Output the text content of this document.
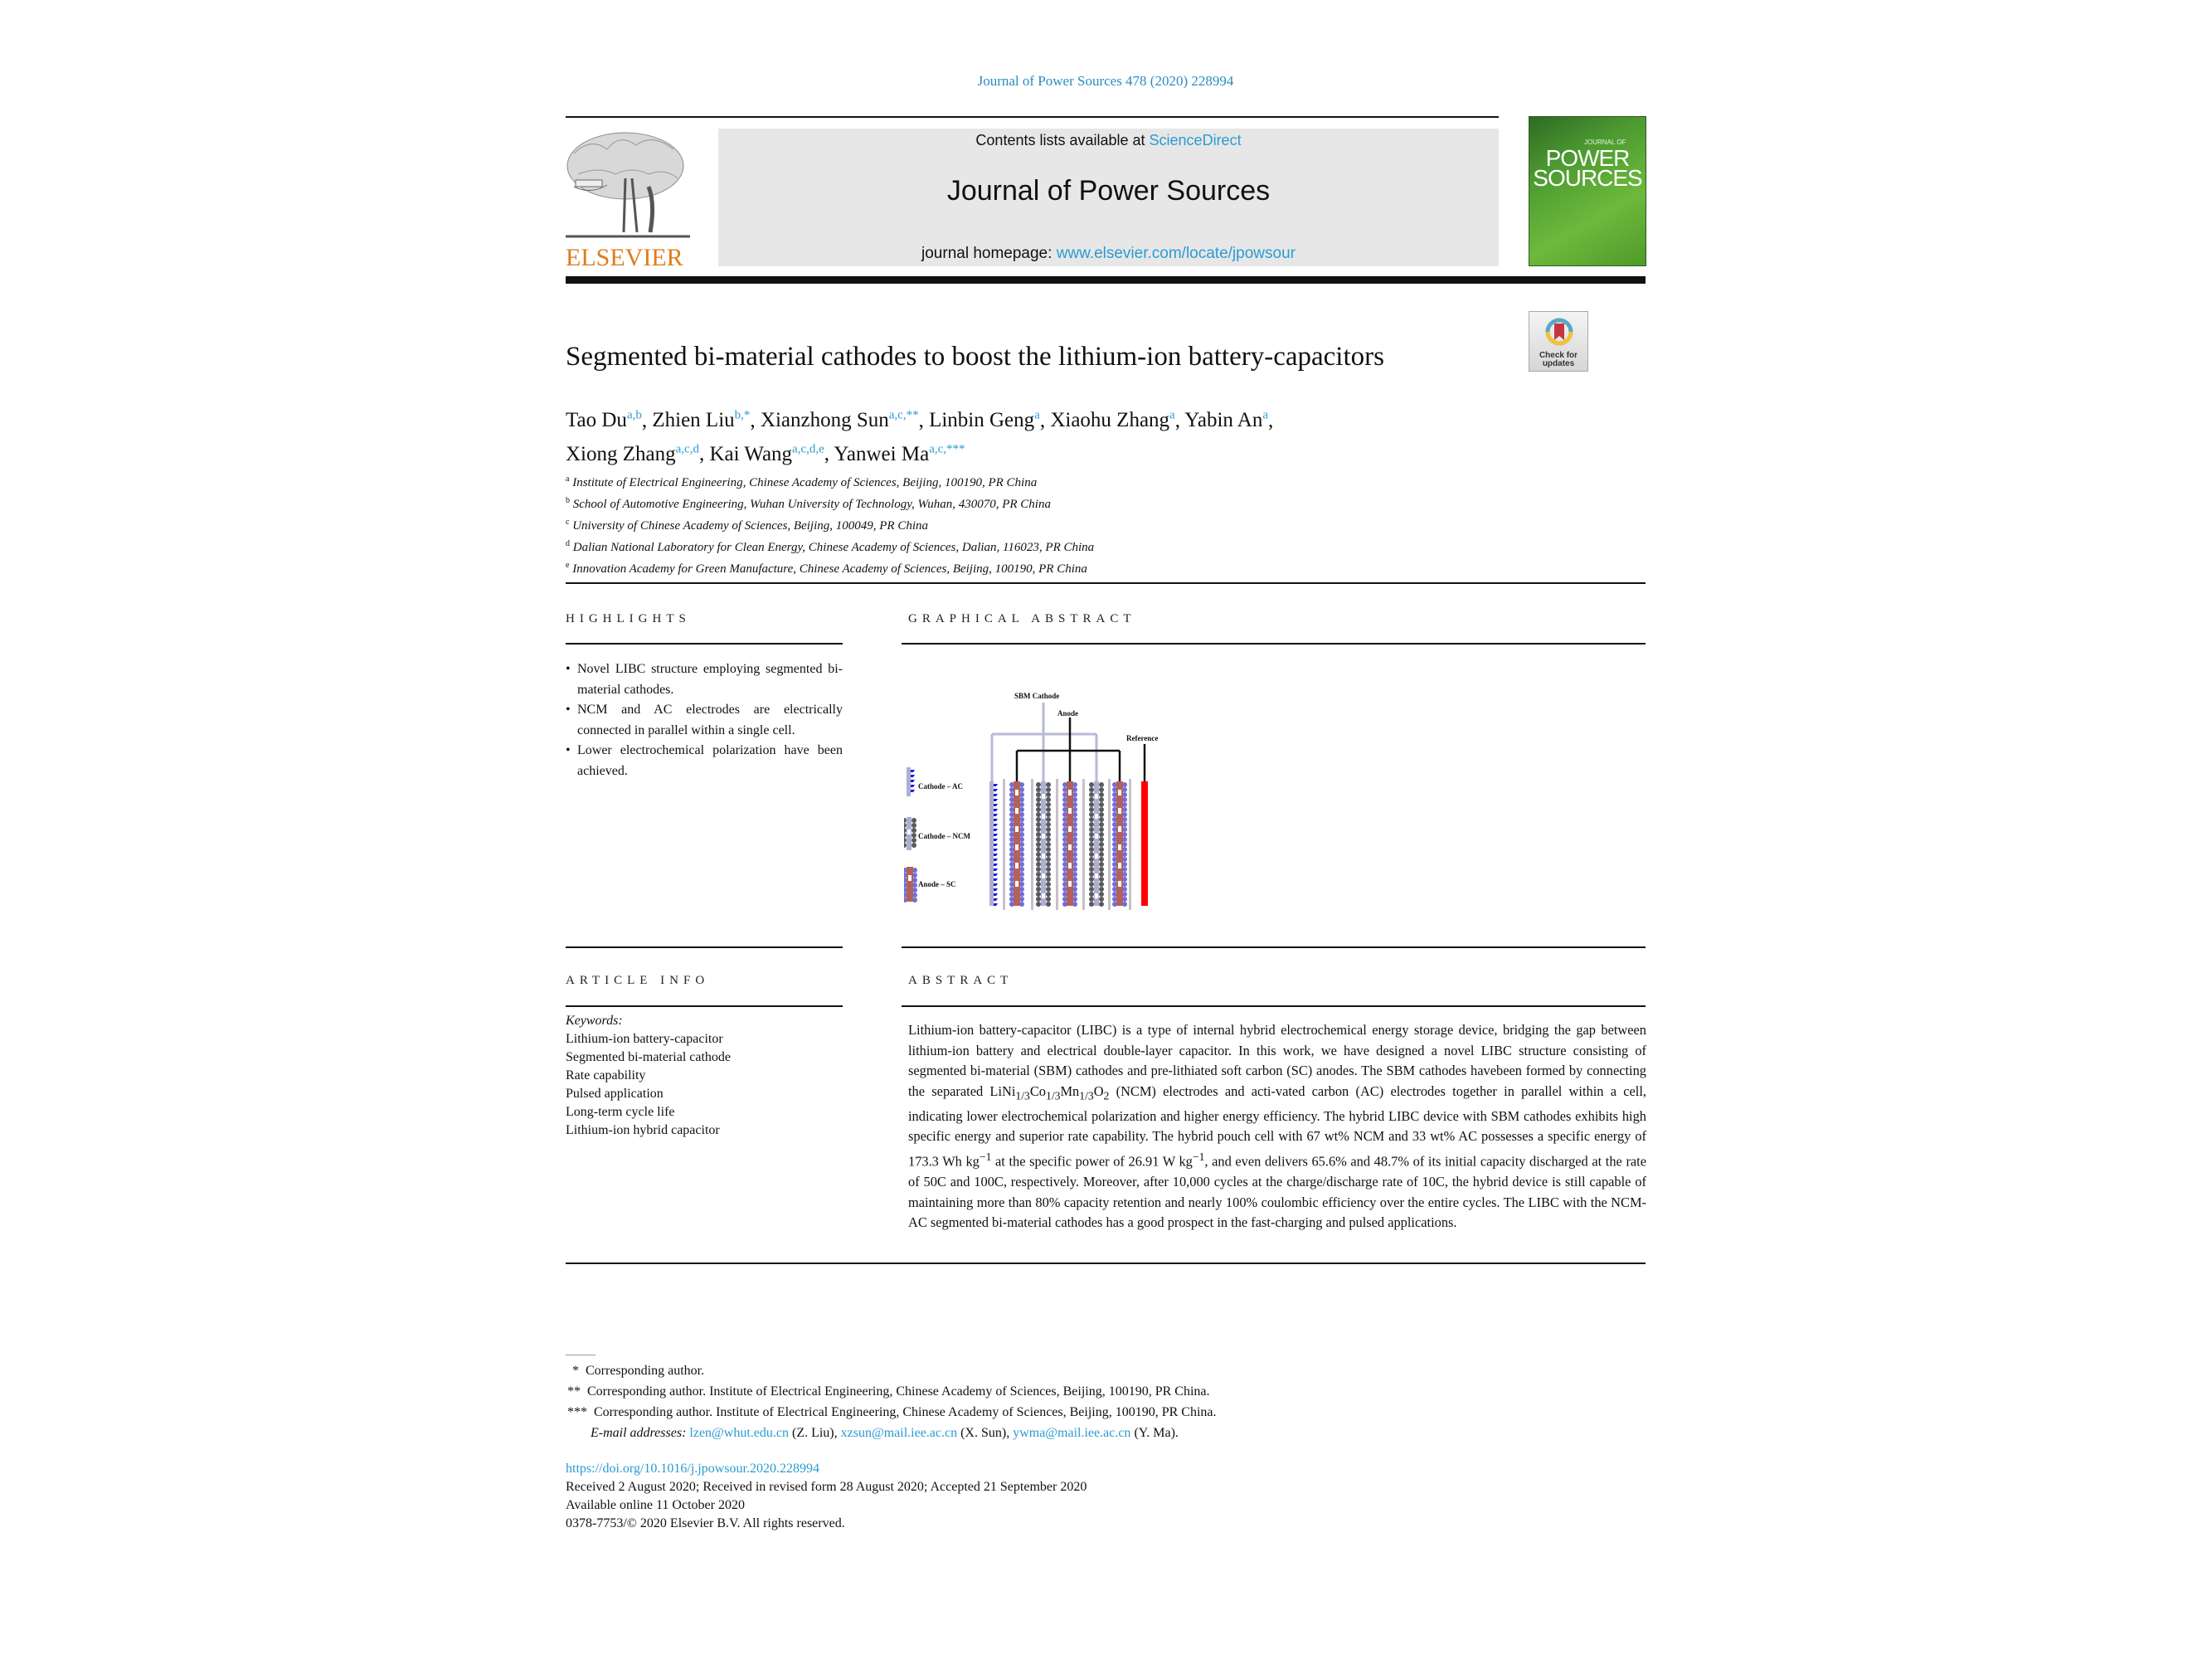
Journal of Power Sources 478 (2020) 228994
ELSEVIER
Contents lists available at ScienceDirect
Journal of Power Sources
journal homepage: www.elsevier.com/locate/jpowsour
JOURNAL OF
POWER
SOURCES
Segmented bi-material cathodes to boost the lithium-ion battery-capacitors	Check for
updates
Tao Du$^{a,b}$, Zhien Liu$^{b,*}$, Xianzhong Sun$^{a,c,**}$, Linbin Geng$^a$, Xiaohu Zhang$^a$, Yabin An$^a$,
Xiong Zhang$^{a,c,d}$, Kai Wang$^{a,c,d,e}$, Yanwei $Ma^{a,c,***}$
$^a$ Institute of Electrical Engineering, Chinese Academy of Sciences, Beijing, 100190, PR China
$^b$ School of Automotive Engineering, Wuhan University of Technology, Wuhan, 430070, PR China
$^c$ University of Chinese Academy of Sciences, Beijing, 100049, PR China
$^d$ Dalian National Laboratory for Clean Energy, Chinese Academy of Sciences, Dalian, 116023, PR China
$^e$ Innovation Academy for Green Manufacture, Chinese Academy of Sciences, Beijing, 100190, PR China
HIGHLIGHTS
• Novel LIBC structure employing segmented bi-material cathodes.
• NCM and AC electrodes are electrically connected in parallel within a single cell.
• Lower electrochemical polarization have been achieved.
GRAPHICAL ABSTRACT
SBM Cathode
Anode
Reference
Cathode – AC
Cathode – NCM
Anode – SC
ARTICLE INFO
Keywords:
Lithium-ion battery-capacitor
Segmented bi-material cathode
Rate capability
Pulsed application
Long-term cycle life
Lithium-ion hybrid capacitor
ABSTRACT
Lithium-ion battery-capacitor (LIBC) is a type of internal hybrid electrochemical energy storage device, bridging the gap between lithium-ion battery and electrical double-layer capacitor. In this work, we have designed a novel LIBC structure consisting of segmented bi-material (SBM) cathodes and pre-lithiated soft carbon (SC) anodes. The SBM cathodes havebeen formed by connecting the separated $LiNi_{1/3}Co_{1/3}Mn_{1/3}O_2$ (NCM) electrodes and acti-vated carbon (AC) electrodes together in parallel within a cell, indicating lower electrochemical polarization and higher energy efficiency. The hybrid LIBC device with SBM cathodes exhibits high specific energy and superior rate capability. The hybrid pouch cell with 67 wt% NCM and 33 wt% AC possesses a specific energy of 173.3 Wh $kg^{-1}$ at the specific power of 26.91 W $kg^{-1}$, and even delivers 65.6% and 48.7% of its initial capacity discharged at the rate of 50C and 100C, respectively. Moreover, after 10,000 cycles at the charge/discharge rate of 10C, the hybrid device is still capable of maintaining more than 80% capacity retention and nearly 100% coulombic efficiency over the entire cycles. The LIBC with the NCM-AC segmented bi-material cathodes has a good prospect in the fast-charging and pulsed applications.
* Corresponding author.
** Corresponding author. Institute of Electrical Engineering, Chinese Academy of Sciences, Beijing, 100190, PR China.
*** Corresponding author. Institute of Electrical Engineering, Chinese Academy of Sciences, Beijing, 100190, PR China.
E-mail addresses: lzen@whut.edu.cn (Z. Liu), xzsun@mail.iee.ac.cn (X. Sun), ywma@mail.iee.ac.cn (Y. Ma).
https://doi.org/10.1016/j.jpowsour.2020.228994
Received 2 August 2020; Received in revised form 28 August 2020; Accepted 21 September 2020
Available online 11 October 2020
0378-7753/© 2020 Elsevier B.V. All rights reserved.
